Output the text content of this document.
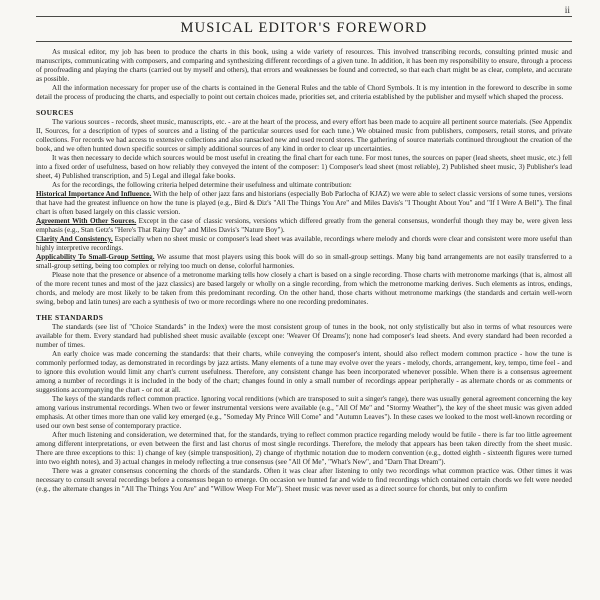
ii
MUSICAL EDITOR'S FOREWORD

As musical editor, my job has been to produce the charts in this book, using a wide variety of resources. This involved transcribing records, consulting printed music and manuscripts, communicating with composers, and comparing and synthesizing different recordings of a given tune. In addition, it has been my responsibility to ensure, through a process of proofreading and playing the charts (carried out by myself and others), that errors and weaknesses be found and corrected, so that each chart might be as clear, complete, and accurate as possible.

All the information necessary for proper use of the charts is contained in the General Rules and the table of Chord Symbols. It is my intention in the foreword to describe in some detail the process of producing the charts, and especially to point out certain choices made, priorities set, and criteria established by the publisher and myself which shaped the process.

SOURCES

The various sources - records, sheet music, manuscripts, etc. - are at the heart of the process, and every effort has been made to acquire all pertinent source materials. (See Appendix II, Sources, for a description of types of sources and a listing of the particular sources used for each tune.) We obtained music from publishers, composers, retail stores, and private collections. For records we had access to extensive collections and also ransacked new and used record stores. The gathering of source materials continued throughout the creation of the book, and we often hunted down specific sources or simply additional sources of any kind in order to clear up uncertainties.

It was then necessary to decide which sources would be most useful in creating the final chart for each tune. For most tunes, the sources on paper (lead sheets, sheet music, etc.) fell into a fixed order of usefulness, based on how reliably they conveyed the intent of the composer: 1) Composer's lead sheet (most reliable), 2) Published sheet music, 3) Publisher's lead sheet, 4) Published transcription, and 5) Legal and illegal fake books.

As for the recordings, the following criteria helped determine their usefulness and ultimate contribution:

Historical Importance And Influence. With the help of other jazz fans and historians (especially Bob Parlocha of KJAZ) we were able to select classic versions of some tunes, versions that have had the greatest influence on how the tune is played (e.g., Bird & Diz's "All The Things You Are" and Miles Davis's "I Thought About You" and "If I Were A Bell"). The final chart is often based largely on this classic version.

Agreement With Other Sources. Except in the case of classic versions, versions which differed greatly from the general consensus, wonderful though they may be, were given less emphasis (e.g., Stan Getz's "Here's That Rainy Day" and Miles Davis's "Nature Boy").

Clarity And Consistency. Especially when no sheet music or composer's lead sheet was available, recordings where melody and chords were clear and consistent were more useful than highly interpretive recordings.

Applicability To Small-Group Setting. We assume that most players using this book will do so in small-group settings. Many big band arrangements are not easily transferred to a small-group setting, being too complex or relying too much on dense, colorful harmonies.

Please note that the presence or absence of a metronome marking tells how closely a chart is based on a single recording. Those charts with metronome markings (that is, almost all of the more recent tunes and most of the jazz classics) are based largely or wholly on a single recording, from which the metronome marking derives. Such elements as intros, endings, chords, and melody are most likely to be taken from this predominant recording. On the other hand, those charts without metronome markings (the standards and certain well-worn swing, bebop and latin tunes) are each a synthesis of two or more recordings where no one recording predominates.

THE STANDARDS

The standards (see list of "Choice Standards" in the Index) were the most consistent group of tunes in the book, not only stylistically but also in terms of what resources were available for them. Every standard had published sheet music available (except one: 'Weaver Of Dreams'); none had composer's lead sheets. And every standard had been recorded a number of times.

An early choice was made concerning the standards: that their charts, while conveying the composer's intent, should also reflect modern common practice - how the tune is commonly performed today, as demonstrated in recordings by jazz artists. Many elements of a tune may evolve over the years - melody, chords, arrangement, key, tempo, time feel - and to ignore this evolution would limit any chart's current usefulness. Therefore, any consistent change has been incorporated whenever possible. When there is a consensus agreement among a number of recordings it is included in the body of the chart; changes found in only a small number of recordings appear peripherally - as alternate chords or as comments or suggestions accompanying the chart - or not at all.

The keys of the standards reflect common practice. Ignoring vocal renditions (which are transposed to suit a singer's range), there was usually general agreement concerning the key among various instrumental recordings. When two or fewer instrumental versions were available (e.g., "All Of Me" and "Stormy Weather"), the key of the sheet music was given added emphasis. At other times more than one valid key emerged (e.g., "Someday My Prince Will Come" and "Autumn Leaves"). In these cases we looked to the most well-known recording or used our own best sense of contemporary practice.

After much listening and consideration, we determined that, for the standards, trying to reflect common practice regarding melody would be futile - there is far too little agreement among different interpretations, or even between the first and last chorus of most single recordings. Therefore, the melody that appears has been taken directly from the sheet music. There are three exceptions to this: 1) change of key (simple transposition), 2) change of rhythmic notation due to modern convention (e.g., dotted eighth - sixteenth figures were turned into two eighth notes), and 3) actual changes in melody reflecting a true consensus (see "All Of Me", "What's New", and "Darn That Dream").

There was a greater consensus concerning the chords of the standards. Often it was clear after listening to only two recordings what common practice was. Other times it was necessary to consult several recordings before a consensus began to emerge. On occasion we hunted far and wide to find recordings which contained certain chords we felt were needed (e.g., the alternate changes in "All The Things You Are" and "Willow Weep For Me"). Sheet music was never used as a direct source for chords, but only to confirm
